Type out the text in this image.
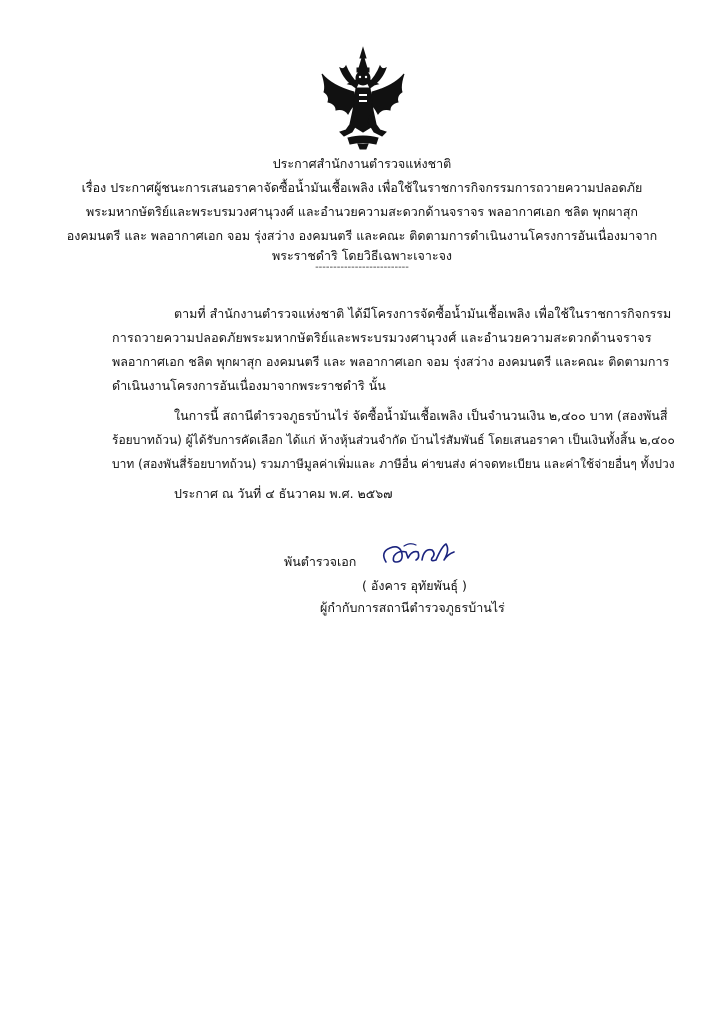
ประกาศสำนักงานตำรวจแห่งชาติ
เรื่อง ประกาศผู้ชนะการเสนอราคาจัดซื้อน้ำมันเชื้อเพลิง เพื่อใช้ในราชการกิจกรรมการถวายความปลอดภัย
พระมหากษัตริย์และพระบรมวงศานุวงศ์ และอำนวยความสะดวกด้านจราจร พลอากาศเอก ชลิต พุกผาสุก
องคมนตรี และ พลอากาศเอก จอม รุ่งสว่าง องคมนตรี และคณะ ติดตามการดำเนินงานโครงการอันเนื่องมาจาก
พระราชดำริ โดยวิธีเฉพาะเจาะจง
--------------------------
ตามที่ สำนักงานตำรวจแห่งชาติ ได้มีโครงการจัดซื้อน้ำมันเชื้อเพลิง เพื่อใช้ในราชการกิจกรรม
การถวายความปลอดภัยพระมหากษัตริย์และพระบรมวงศานุวงศ์ และอำนวยความสะดวกด้านจราจร
พลอากาศเอก ชลิต พุกผาสุก องคมนตรี และ พลอากาศเอก จอม รุ่งสว่าง องคมนตรี และคณะ ติดตามการ
ดำเนินงานโครงการอันเนื่องมาจากพระราชดำริ นั้น
ในการนี้ สถานีตำรวจภูธรบ้านไร่ จัดซื้อน้ำมันเชื้อเพลิง เป็นจำนวนเงิน ๒,๔๐๐ บาท (สองพันสี่
ร้อยบาทถ้วน) ผู้ได้รับการคัดเลือก ได้แก่ ห้างหุ้นส่วนจำกัด บ้านไร่สัมพันธ์ โดยเสนอราคา เป็นเงินทั้งสิ้น ๒,๔๐๐
บาท (สองพันสี่ร้อยบาทถ้วน) รวมภาษีมูลค่าเพิ่มและ ภาษีอื่น ค่าขนส่ง ค่าจดทะเบียน และค่าใช้จ่ายอื่นๆ ทั้งปวง
ประกาศ ณ วันที่ ๔ ธันวาคม พ.ศ. ๒๕๖๗
พันตำรวจเอก
( อังคาร อุทัยพันธุ์ )
ผู้กำกับการสถานีตำรวจภูธรบ้านไร่
